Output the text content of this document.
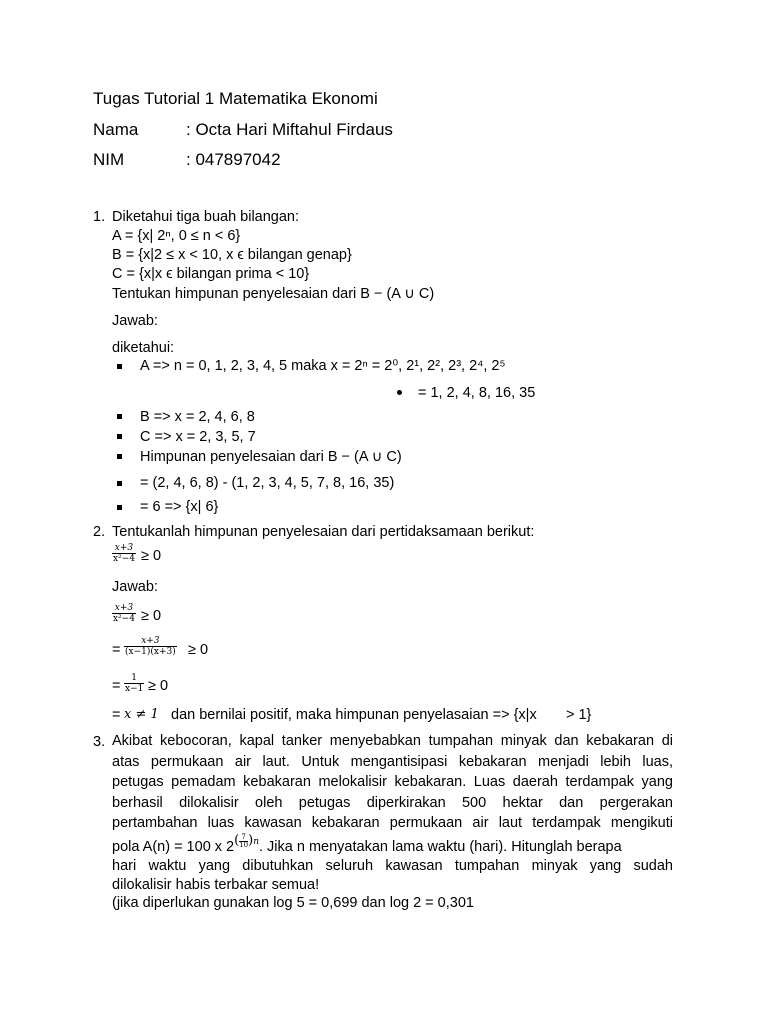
Tugas Tutorial 1 Matematika Ekonomi
Nama	: Octa Hari Miftahul Firdaus
NIM	: 047897042
1. Diketahui tiga buah bilangan:
A = {x| 2ⁿ, 0 ≤ n < 6}
B = {x|2 ≤ x < 10, x ϵ bilangan genap}
C = {x|x ϵ bilangan prima < 10}
Tentukan himpunan penyelesaian dari B − (A ∪ C)
Jawab:
diketahui:
A => n = 0, 1, 2, 3, 4, 5 maka x = 2ⁿ = 2⁰, 2¹, 2², 2³, 2⁴, 2⁵
= 1, 2, 4, 8, 16, 35
B => x = 2, 4, 6, 8
C => x = 2, 3, 5, 7
Himpunan penyelesaian dari B − (A ∪ C)
= (2, 4, 6, 8) - (1, 2, 3, 4, 5, 7, 8, 16, 35)
= 6 => {x| 6}
2. Tentukanlah himpunan penyelesaian dari pertidaksamaan berikut:
$\frac{x+3}{\text{x²−4}} \ge 0$
Jawab:
$\frac{x+3}{\text{x²−4}} \ge 0$
= $\frac{x+3}{(x-1)(x+3)} \ge 0$
= $\frac{1}{x-1} \ge 0$
= x ≠ 1 dan bernilai positif, maka himpunan penyelasaian => {x|x > 1}
3. Akibat kebocoran, kapal tanker menyebabkan tumpahan minyak dan kebakaran di
atas permukaan air laut. Untuk mengantisipasi kebakaran menjadi lebih luas,
petugas pemadam kebakaran melokalisir kebakaran. Luas daerah terdampak yang
berhasil dilokalisir oleh petugas diperkirakan 500 hektar dan pergerakan
pertambahan luas kawasan kebakaran permukaan air laut terdampak mengikuti
pola A(n) = 100 x $2^{( \frac{7}{10} )n}$. Jika n menyatakan lama waktu (hari). Hitunglah berapa
hari waktu yang dibutuhkan seluruh kawasan tumpahan minyak yang sudah
dilokalisir habis terbakar semua!
(jika diperlukan gunakan log 5 = 0,699 dan log 2 = 0,301
